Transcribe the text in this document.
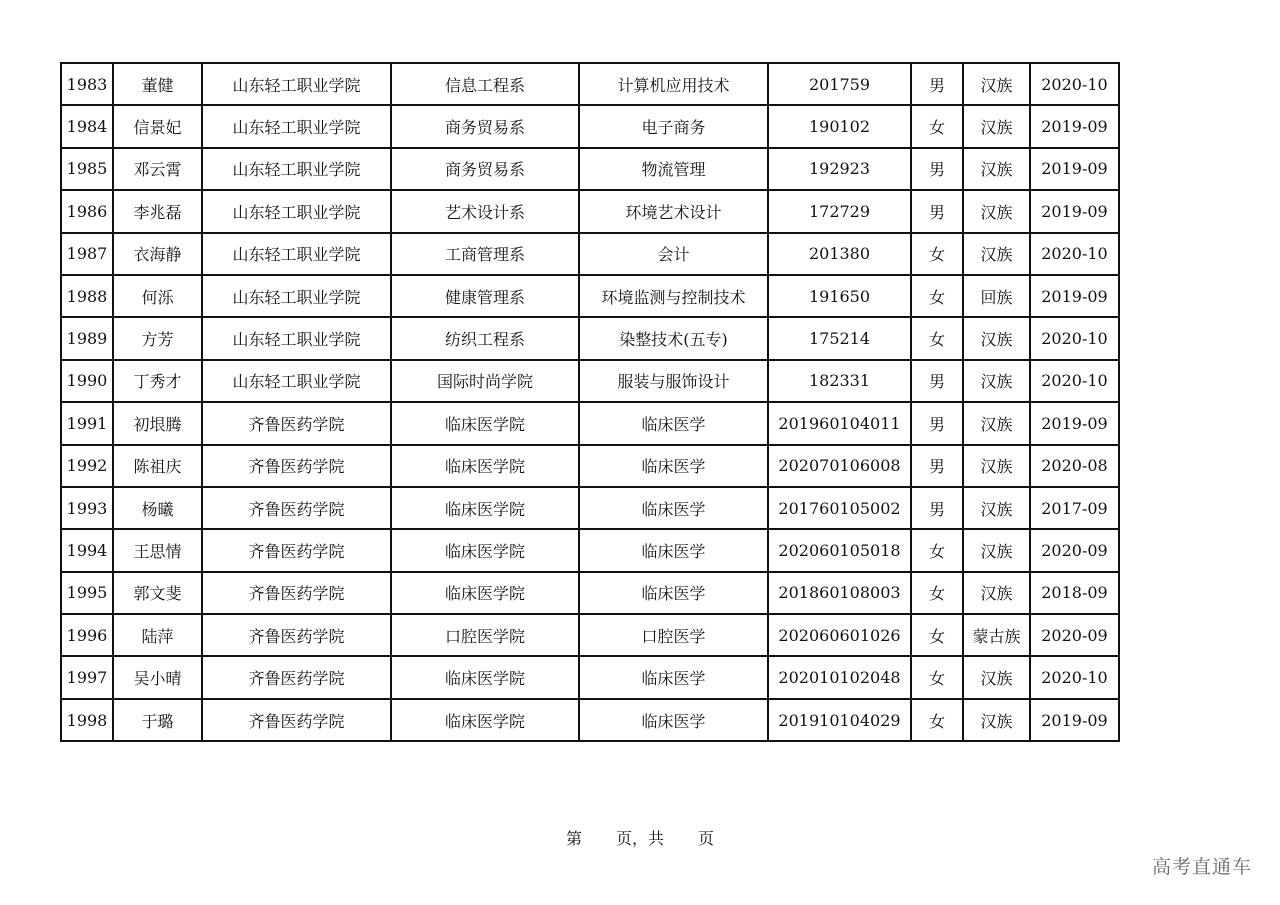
1983	董健	山东轻工职业学院	信息工程系	计算机应用技术	201759	男	汉族	2020-10
1984	信景妃	山东轻工职业学院	商务贸易系	电子商务	190102	女	汉族	2019-09
1985	邓云霄	山东轻工职业学院	商务贸易系	物流管理	192923	男	汉族	2019-09
1986	李兆磊	山东轻工职业学院	艺术设计系	环境艺术设计	172729	男	汉族	2019-09
1987	衣海静	山东轻工职业学院	工商管理系	会计	201380	女	汉族	2020-10
1988	何泺	山东轻工职业学院	健康管理系	环境监测与控制技术	191650	女	回族	2019-09
1989	方芳	山东轻工职业学院	纺织工程系	染整技术(五专)	175214	女	汉族	2020-10
1990	丁秀才	山东轻工职业学院	国际时尚学院	服装与服饰设计	182331	男	汉族	2020-10
1991	初垠腾	齐鲁医药学院	临床医学院	临床医学	201960104011	男	汉族	2019-09
1992	陈祖庆	齐鲁医药学院	临床医学院	临床医学	202070106008	男	汉族	2020-08
1993	杨曦	齐鲁医药学院	临床医学院	临床医学	201760105002	男	汉族	2017-09
1994	王思情	齐鲁医药学院	临床医学院	临床医学	202060105018	女	汉族	2020-09
1995	郭文斐	齐鲁医药学院	临床医学院	临床医学	201860108003	女	汉族	2018-09
1996	陆萍	齐鲁医药学院	口腔医学院	口腔医学	202060601026	女	蒙古族	2020-09
1997	吴小晴	齐鲁医药学院	临床医学院	临床医学	202010102048	女	汉族	2020-10
1998	于璐	齐鲁医药学院	临床医学院	临床医学	201910104029	女	汉族	2019-09
第 页，共 页
高考直通车
